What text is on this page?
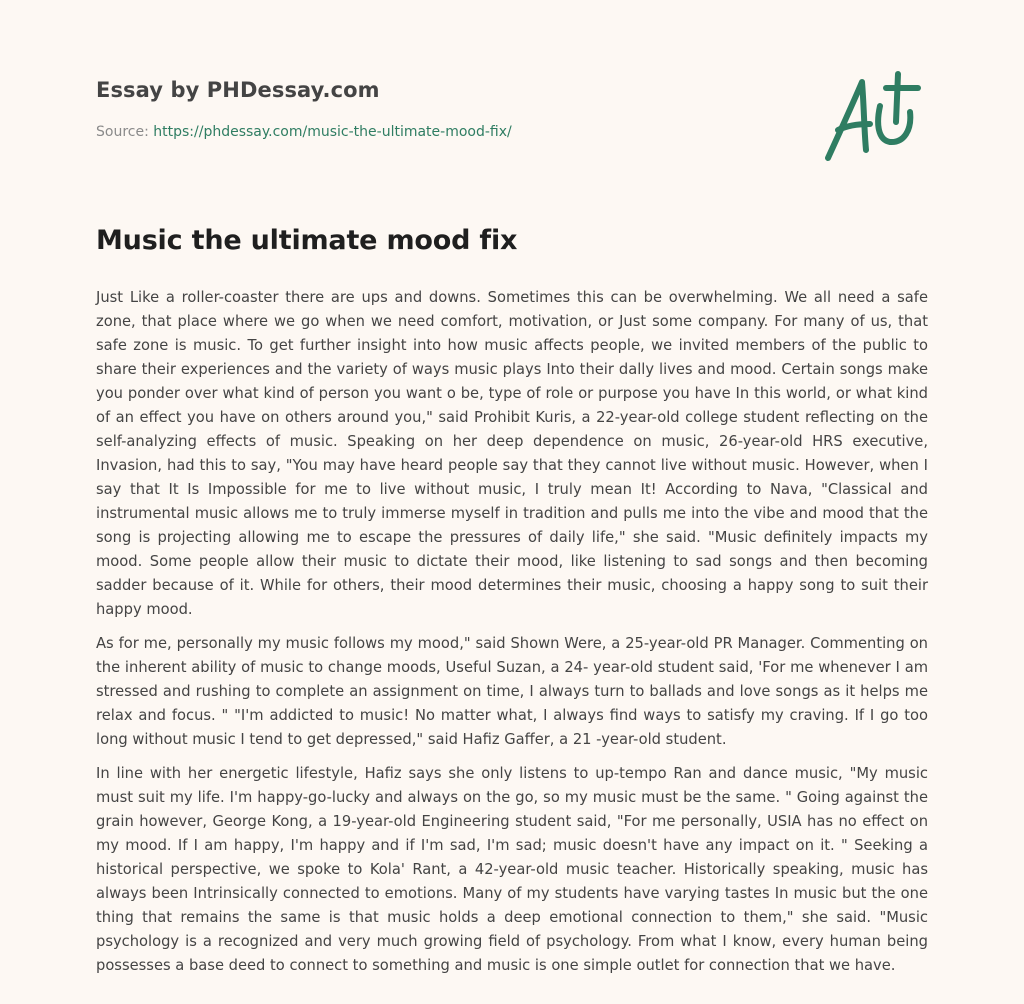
Essay by PHDessay.com
Source: https://phdessay.com/music-the-ultimate-mood-fix/
Music the ultimate mood fix

Just Like a roller-coaster there are ups and downs. Sometimes this can be overwhelming. We all need a safe zone, that place where we go when we need comfort, motivation, or Just some company. For many of us, that safe zone is music. To get further insight into how music affects people, we invited members of the public to share their experiences and the variety of ways music plays Into their dally lives and mood. Certain songs make you ponder over what kind of person you want o be, type of role or purpose you have In this world, or what kind of an effect you have on others around you," said Prohibit Kuris, a 22-year-old college student reflecting on the self-analyzing effects of music. Speaking on her deep dependence on music, 26-year-old HRS executive, Invasion, had this to say, "You may have heard people say that they cannot live without music. However, when I say that It Is Impossible for me to live without music, I truly mean It! According to Nava, "Classical and instrumental music allows me to truly immerse myself in tradition and pulls me into the vibe and mood that the song is projecting allowing me to escape the pressures of daily life," she said. "Music definitely impacts my mood. Some people allow their music to dictate their mood, like listening to sad songs and then becoming sadder because of it. While for others, their mood determines their music, choosing a happy song to suit their happy mood.

As for me, personally my music follows my mood," said Shown Were, a 25-year-old PR Manager. Commenting on the inherent ability of music to change moods, Useful Suzan, a 24- year-old student said, 'For me whenever I am stressed and rushing to complete an assignment on time, I always turn to ballads and love songs as it helps me relax and focus. " "I'm addicted to music! No matter what, I always find ways to satisfy my craving. If I go too long without music I tend to get depressed," said Hafiz Gaffer, a 21 -year-old student.

In line with her energetic lifestyle, Hafiz says she only listens to up-tempo Ran and dance music, "My music must suit my life. I'm happy-go-lucky and always on the go, so my music must be the same. " Going against the grain however, George Kong, a 19-year-old Engineering student said, "For me personally, USIA has no effect on my mood. If I am happy, I'm happy and if I'm sad, I'm sad; music doesn't have any impact on it. " Seeking a historical perspective, we spoke to Kola' Rant, a 42-year-old music teacher. Historically speaking, music has always been Intrinsically connected to emotions. Many of my students have varying tastes In music but the one thing that remains the same is that music holds a deep emotional connection to them," she said. "Music psychology is a recognized and very much growing field of psychology. From what I know, every human being possesses a base deed to connect to something and music is one simple outlet for connection that we have.
